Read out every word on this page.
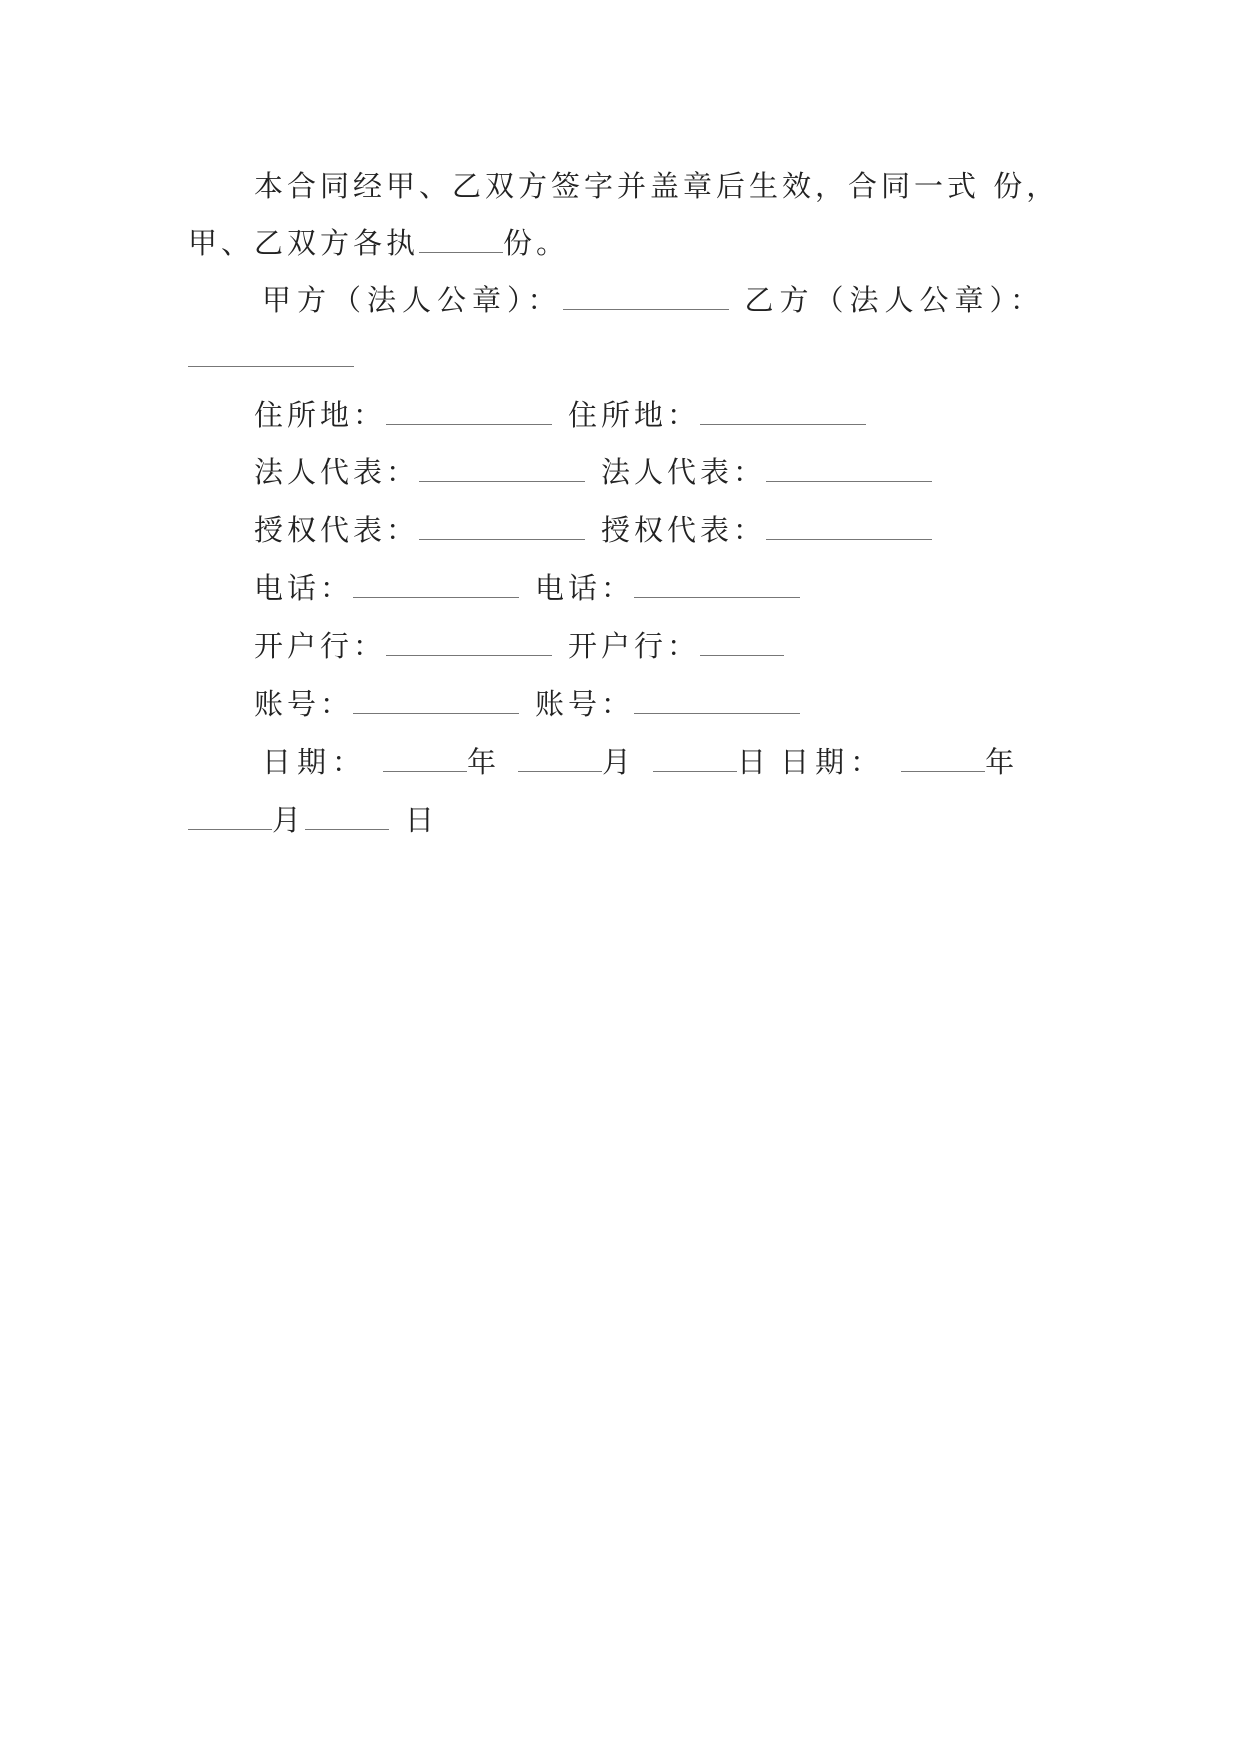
本合同经甲、乙双方签字并盖章后生效，合同一式 份，
甲、乙双方各执	份。
甲方（法人公章）：	乙方（法人公章）：
住所地：	住所地：
法人代表：	法人代表：
授权代表：	授权代表：
电话：	电话：
开户行：	开户行：
账号：	账号：
日期：	年	月	日 日期：	年
月	日
